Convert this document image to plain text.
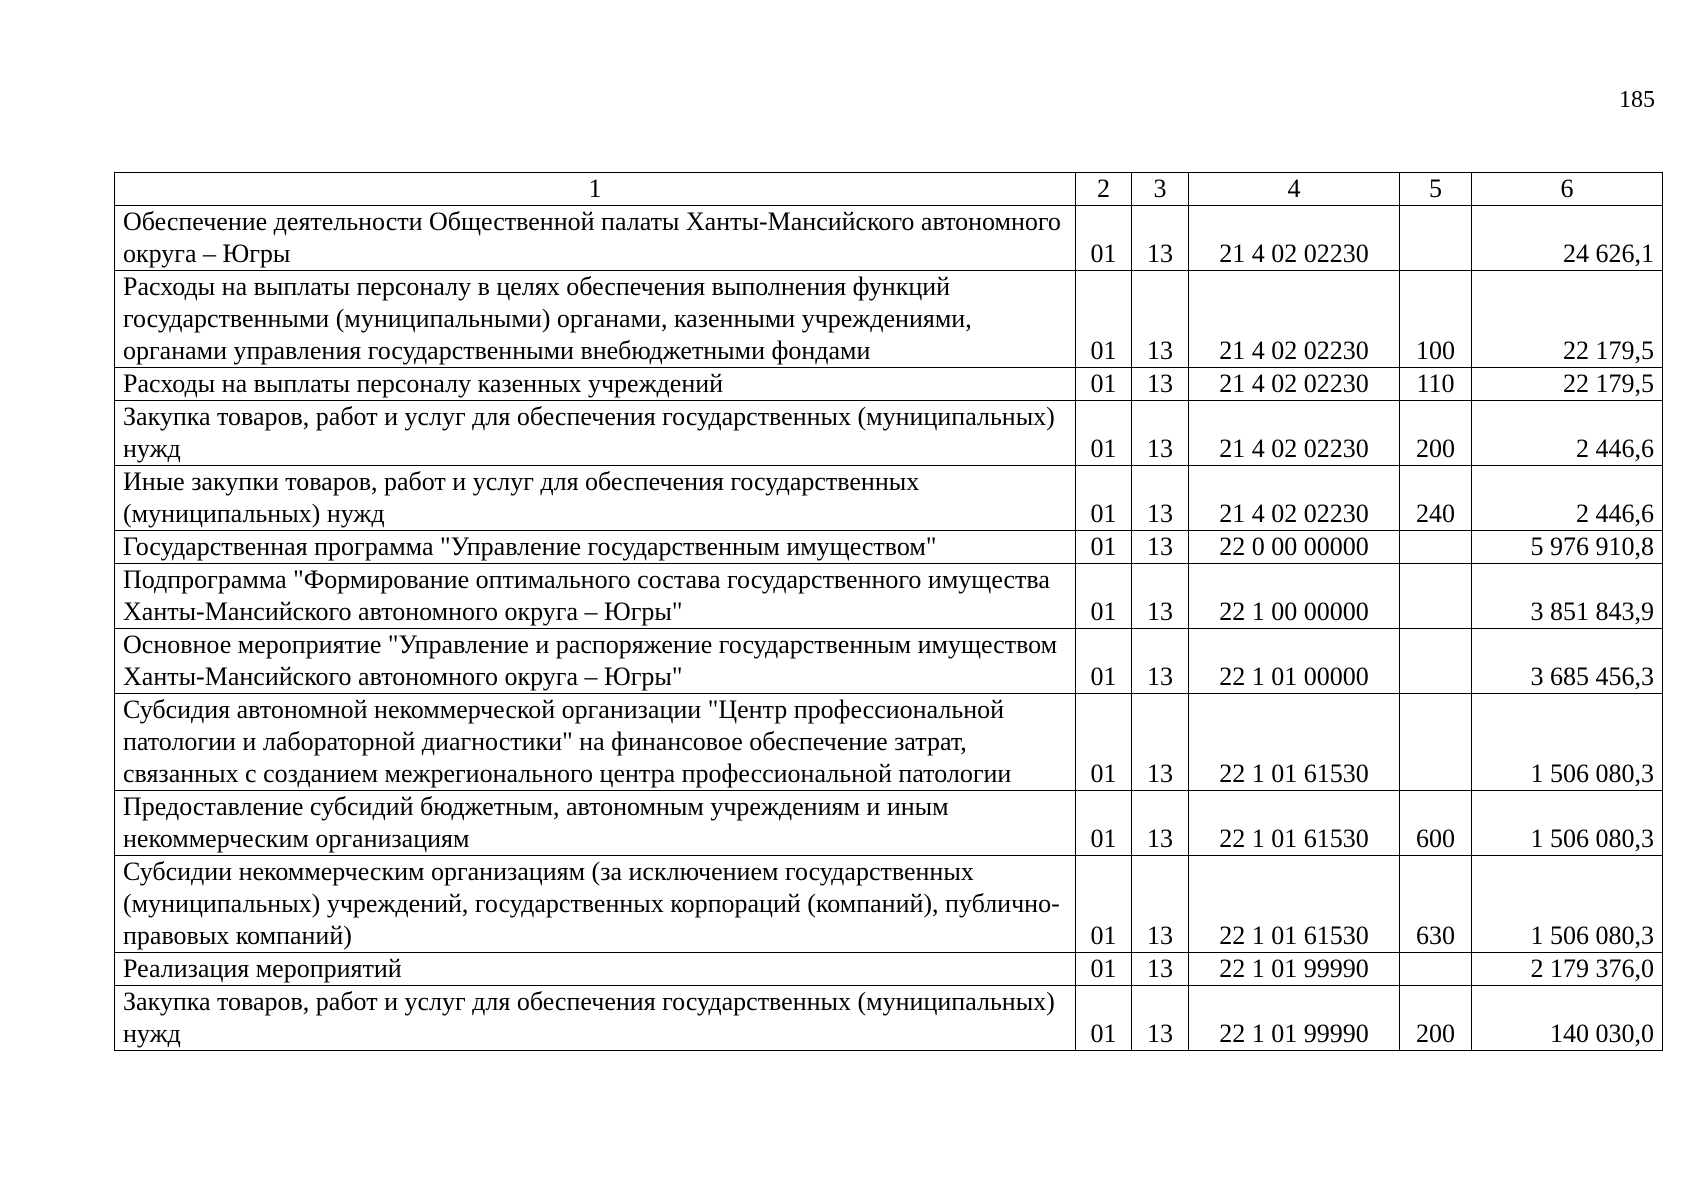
185
1	2	3	4	5	6
Обеспечение деятельности Общественной палаты Ханты-Мансийского автономного округа – Югры	01	13	21 4 02 02230		24 626,1
Расходы на выплаты персоналу в целях обеспечения выполнения функций государственными (муниципальными) органами, казенными учреждениями, органами управления государственными внебюджетными фондами	01	13	21 4 02 02230	100	22 179,5
Расходы на выплаты персоналу казенных учреждений	01	13	21 4 02 02230	110	22 179,5
Закупка товаров, работ и услуг для обеспечения государственных (муниципальных) нужд	01	13	21 4 02 02230	200	2 446,6
Иные закупки товаров, работ и услуг для обеспечения государственных (муниципальных) нужд	01	13	21 4 02 02230	240	2 446,6
Государственная программа "Управление государственным имуществом"	01	13	22 0 00 00000		5 976 910,8
Подпрограмма "Формирование оптимального состава государственного имущества Ханты-Мансийского автономного округа – Югры"	01	13	22 1 00 00000		3 851 843,9
Основное мероприятие "Управление и распоряжение государственным имуществом Ханты-Мансийского автономного округа – Югры"	01	13	22 1 01 00000		3 685 456,3
Субсидия автономной некоммерческой организации "Центр профессиональной патологии и лабораторной диагностики" на финансовое обеспечение затрат, связанных с созданием межрегионального центра профессиональной патологии	01	13	22 1 01 61530		1 506 080,3
Предоставление субсидий бюджетным, автономным учреждениям и иным некоммерческим организациям	01	13	22 1 01 61530	600	1 506 080,3
Субсидии некоммерческим организациям (за исключением государственных (муниципальных) учреждений, государственных корпораций (компаний), публично-правовых компаний)	01	13	22 1 01 61530	630	1 506 080,3
Реализация мероприятий	01	13	22 1 01 99990		2 179 376,0
Закупка товаров, работ и услуг для обеспечения государственных (муниципальных) нужд	01	13	22 1 01 99990	200	140 030,0
